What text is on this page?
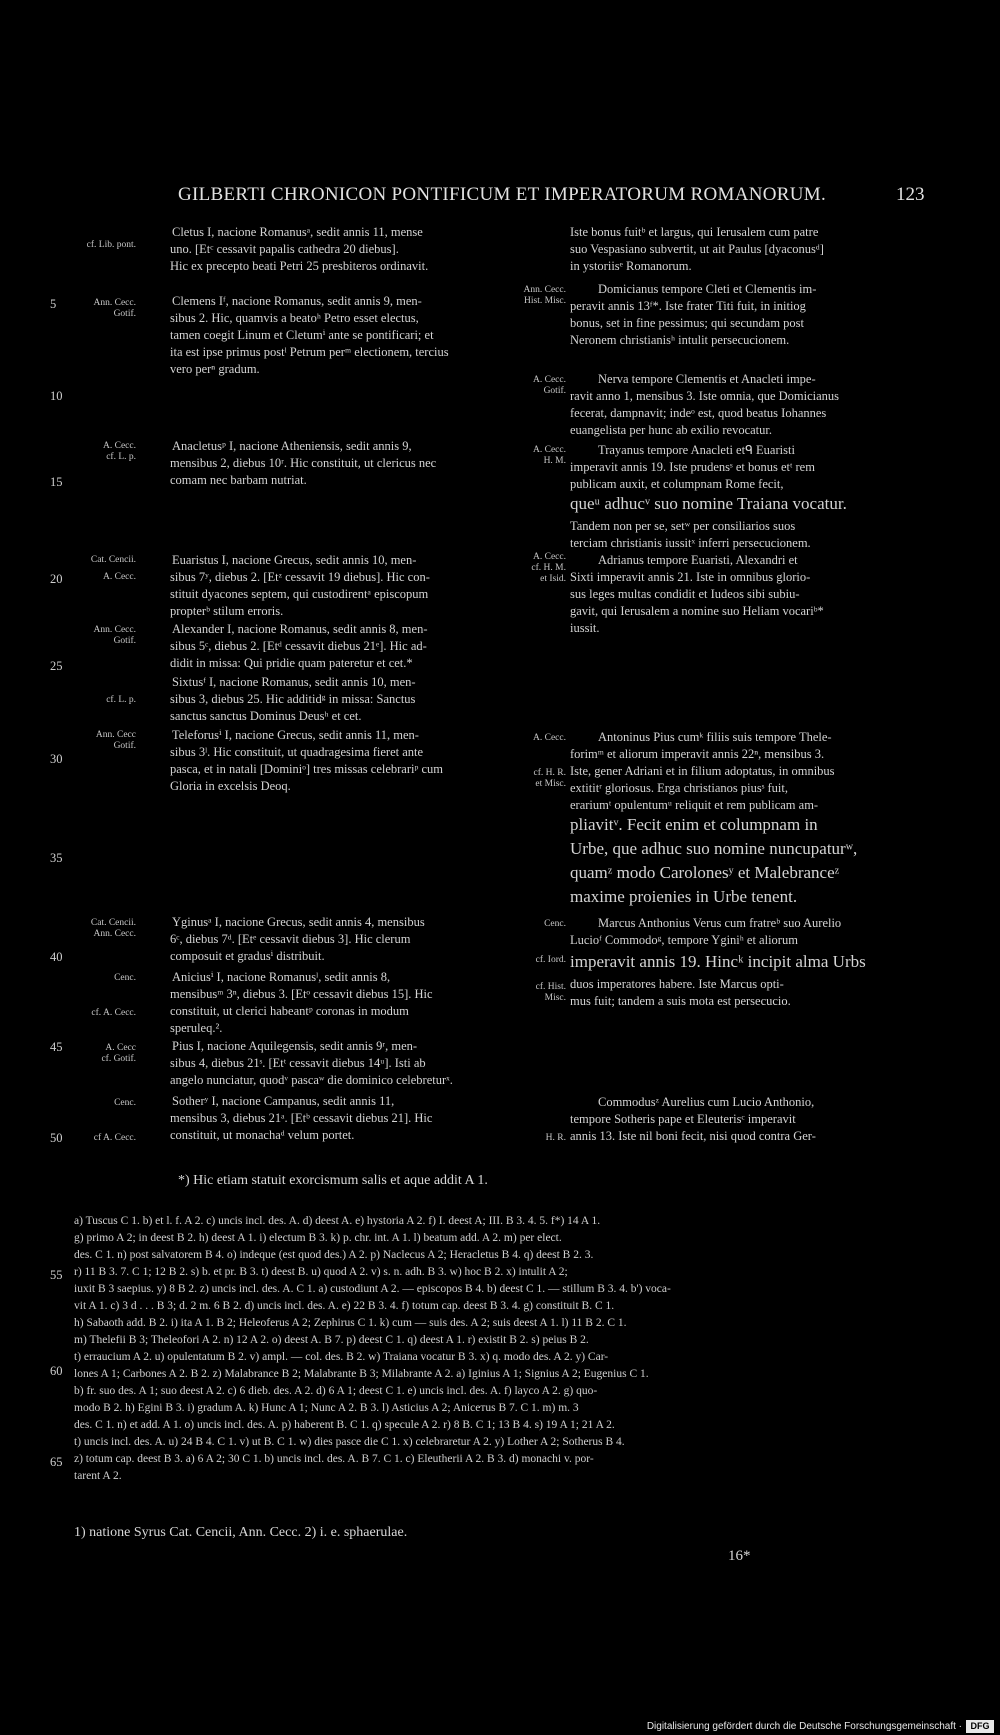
GILBERTI CHRONICON PONTIFICUM ET IMPERATORUM ROMANORUM.	123
5
10
15
20
25
30
35
40
45
50
55
60
65
cf. Lib. pont.
Ann. Cecc.
Gotif.
A. Cecc.
cf. L. p.
Cat. Cencii.
A. Cecc.
Ann. Cecc.
Gotif.
cf. L. p.
Ann. Cecc
Gotif.
Cat. Cencii.
Ann. Cecc.
Cenc.
cf. A. Cecc.
A. Cecc
cf. Gotif.
Cenc.
cf A. Cecc.
Ann. Cecc.
Hist. Misc.
A. Cecc.
Gotif.
A. Cecc.
H. M.
A. Cecc.
cf. H. M.
et Isid.
A. Cecc.
cf. H. R.
et Misc.
Cenc.
cf. Iord.
cf. Hist.
Misc.
H. R.
Cletus I, nacione Romanusᵃ, sedit annis 11, mense
uno. [Etᶜ cessavit papalis cathedra 20 diebus].
Hic ex precepto beati Petri 25 presbiteros ordinavit.
Clemens Iᶠ, nacione Romanus, sedit annis 9, men-
sibus 2. Hic, quamvis a beatoʰ Petro esset electus,
tamen coegit Linum et Cletumⁱ ante se pontificari; et
ita est ipse primus postˡ Petrum perᵐ electionem, tercius
vero perⁿ gradum.
Anacletusᵖ I, nacione Atheniensis, sedit annis 9,
mensibus 2, diebus 10ʳ. Hic constituit, ut clericus nec
comam nec barbam nutriat.
Euaristus I, nacione Grecus, sedit annis 10, men-
sibus 7ʸ, diebus 2. [Etᶻ cessavit 19 diebus]. Hic con-
stituit dyacones septem, qui custodirentᵃ episcopum
propterᵇ stilum erroris.
Alexander I, nacione Romanus, sedit annis 8, men-
sibus 5ᶜ, diebus 2. [Etᵈ cessavit diebus 21ᵉ]. Hic ad-
didit in missa: Qui pridie quam pateretur et cet.*
Sixtusᶠ I, nacione Romanus, sedit annis 10, men-
sibus 3, diebus 25. Hic additidᵍ in missa: Sanctus
sanctus sanctus Dominus Deusʰ et cet.
Teleforusⁱ I, nacione Grecus, sedit annis 11, men-
sibus 3ˡ. Hic constituit, ut quadragesima fieret ante
pasca, et in natali [Dominiᵒ] tres missas celebrariᵖ cum
Gloria in excelsis Deoq.
Yginusᵃ I, nacione Grecus, sedit annis 4, mensibus
6ᶜ, diebus 7ᵈ. [Etᵉ cessavit diebus 3]. Hic clerum
composuit et gradusⁱ distribuit.
Aniciusⁱ I, nacione Romanusˡ, sedit annis 8,
mensibusᵐ 3ⁿ, diebus 3. [Etᵒ cessavit diebus 15]. Hic
constituit, ut clerici habeantᵖ coronas in modum
speruleq.².
Pius I, nacione Aquilegensis, sedit annis 9ʳ, men-
sibus 4, diebus 21ˢ. [Etᵗ cessavit diebus 14ᵘ]. Isti ab
angelo nunciatur, quodᵛ pascaʷ die dominico celebreturˣ.
Sotherʸ I, nacione Campanus, sedit annis 11,
mensibus 3, diebus 21ᵃ. [Etᵇ cessavit diebus 21]. Hic
constituit, ut monachaᵈ velum portet.
Iste bonus fuitᵇ et largus, qui Ierusalem cum patre
suo Vespasiano subvertit, ut ait Paulus [dyaconusᵈ]
in ystoriisᵉ Romanorum.
Domicianus tempore Cleti et Clementis im-
peravit annis 13ᶠ*. Iste frater Titi fuit, in initiog
bonus, set in fine pessimus; qui secundam post
Neronem christianisʰ intulit persecucionem.
Nerva tempore Clementis et Anacleti impe-
ravit anno 1, mensibus 3. Iste omnia, que Domicianus
fecerat, dampnavit; indeᵒ est, quod beatus Iohannes
euangelista per hunc ab exilio revocatur.
Trayanus tempore Anacleti etᑫ Euaristi
imperavit annis 19. Iste prudensˢ et bonus etᵗ rem
publicam auxit, et columpnam Rome fecit,
queᵘ adhucᵛ suo nomine Traiana vocatur.
Tandem non per se, setʷ per consiliarios suos
terciam christianis iussitˣ inferri persecucionem.
Adrianus tempore Euaristi, Alexandri et
Sixti imperavit annis 21. Iste in omnibus glorio-
sus leges multas condidit et Iudeos sibi subiu-
gavit, qui Ierusalem a nomine suo Heliam vocariᵇ*
iussit.
Antoninus Pius cumᵏ filiis suis tempore Thele-
forimᵐ et aliorum imperavit annis 22ⁿ, mensibus 3.
Iste, gener Adriani et in filium adoptatus, in omnibus
extititʳ gloriosus. Erga christianos piusˢ fuit,
erariumᵗ opulentumᵘ reliquit et rem publicam am-
pliavitᵛ. Fecit enim et columpnam in
Urbe, que adhuc suo nomine nuncupaturʷ,
quamᶻ modo Carolonesʸ et Malebranceᶻ
maxime proienies in Urbe tenent.
Marcus Anthonius Verus cum fratreᵇ suo Aurelio
Lucioᶠ Commodoᵍ, tempore Yginiʰ et aliorum
imperavit annis 19. Hincᵏ incipit alma Urbs
duos imperatores habere. Iste Marcus opti-
mus fuit; tandem a suis mota est persecucio.
Commodusᶻ Aurelius cum Lucio Anthonio,
tempore Sotheris pape et Eleuterisᶜ imperavit
annis 13. Iste nil boni fecit, nisi quod contra Ger-
*) Hic etiam statuit exorcismum salis et aque addit A 1.
a) Tuscus C 1. b) et l. f. A 2. c) uncis incl. des. A. d) deest A. e) hystoria A 2. f) I. deest A; III. B 3. 4. 5. f*) 14 A 1.
g) primo A 2; in deest B 2. h) deest A 1. i) electum B 3. k) p. chr. int. A 1. l) beatum add. A 2. m) per elect.
des. C 1. n) post salvatorem B 4. o) indeque (est quod des.) A 2. p) Naclecus A 2; Heracletus B 4. q) deest B 2. 3.
r) 11 B 3. 7. C 1; 12 B 2. s) b. et pr. B 3. t) deest B. u) quod A 2. v) s. n. adh. B 3. w) hoc B 2. x) intulit A 2;
iuxit B 3 saepius. y) 8 B 2. z) uncis incl. des. A. C 1. a) custodiunt A 2. — episcopos B 4. b) deest C 1. — stillum B 3. 4. b') voca-
vit A 1. c) 3 d . . . B 3; d. 2 m. 6 B 2. d) uncis incl. des. A. e) 22 B 3. 4. f) totum cap. deest B 3. 4. g) constituit B. C 1.
h) Sabaoth add. B 2. i) ita A 1. B 2; Heleoferus A 2; Zephirus C 1. k) cum — suis des. A 2; suis deest A 1. l) 11 B 2. C 1.
m) Thelefii B 3; Theleofori A 2. n) 12 A 2. o) deest A. B 7. p) deest C 1. q) deest A 1. r) existit B 2. s) peius B 2.
t) erraucium A 2. u) opulentatum B 2. v) ampl. — col. des. B 2. w) Traiana vocatur B 3. x) q. modo des. A 2. y) Car-
lones A 1; Carbones A 2. B 2. z) Malabrance B 2; Malabrante B 3; Milabrante A 2. a) Iginius A 1; Signius A 2; Eugenius C 1.
b) fr. suo des. A 1; suo deest A 2. c) 6 dieb. des. A 2. d) 6 A 1; deest C 1. e) uncis incl. des. A. f) layco A 2. g) quo-
modo B 2. h) Egini B 3. i) gradum A. k) Hunc A 1; Nunc A 2. B 3. l) Asticius A 2; Aniceтus B 7. C 1. m) m. 3
des. C 1. n) et add. A 1. o) uncis incl. des. A. p) haberent B. C 1. q) specule A 2. r) 8 B. C 1; 13 B 4. s) 19 A 1; 21 A 2.
t) uncis incl. des. A. u) 24 B 4. C 1. v) ut B. C 1. w) dies pasce die C 1. x) celebraretur A 2. y) Lother A 2; Sotherus B 4.
z) totum cap. deest B 3. a) 6 A 2; 30 C 1. b) uncis incl. des. A. B 7. C 1. c) Eleutherii A 2. B 3. d) monachi v. por-
tarent A 2.
1) natione Syrus Cat. Cencii, Ann. Cecc. 2) i. e. sphaerulae.
16*
Digitalisierung gefördert durch die Deutsche Forschungsgemeinschaft · DFG
